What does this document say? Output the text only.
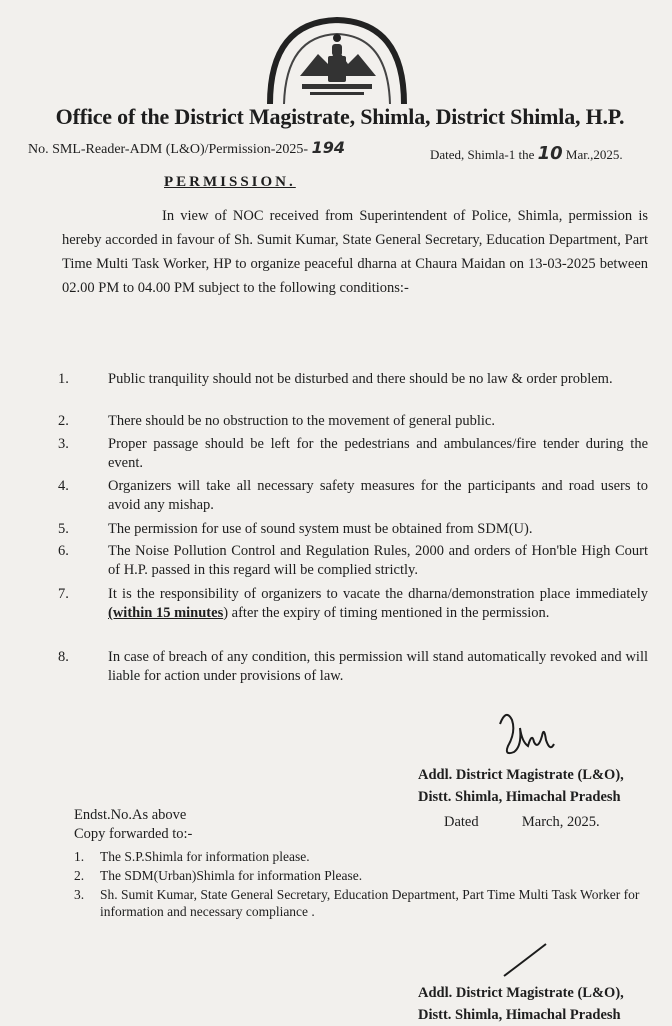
Office of the District Magistrate, Shimla, District Shimla, H.P.
No. SML-Reader-ADM (L&O)/Permission-2025- 194	Dated, Shimla-1 the 10 Mar.,2025.
PERMISSION.
In view of NOC received from Superintendent of Police, Shimla, permission is hereby accorded in favour of Sh. Sumit Kumar, State General Secretary, Education Department, Part Time Multi Task Worker, HP to organize peaceful dharna at Chaura Maidan on 13-03-2025 between 02.00 PM to 04.00 PM subject to the following conditions:-
1.	Public tranquility should not be disturbed and there should be no law & order problem.
2.	There should be no obstruction to the movement of general public.
3.	Proper passage should be left for the pedestrians and ambulances/fire tender during the event.
4.	Organizers will take all necessary safety measures for the participants and road users to avoid any mishap.
5.	The permission for use of sound system must be obtained from SDM(U).
6.	The Noise Pollution Control and Regulation Rules, 2000 and orders of Hon'ble High Court of H.P. passed in this regard will be complied strictly.
7.	It is the responsibility of organizers to vacate the dharna/demonstration place immediately (within 15 minutes) after the expiry of timing mentioned in the permission.
8.	In case of breach of any condition, this permission will stand automatically revoked and will liable for action under provisions of law.
Addl. District Magistrate (L&O),
Distt. Shimla, Himachal Pradesh
Endst.No.As above
Copy forwarded to:-
Dated	March, 2025.
1. The S.P.Shimla for information please.
2. The SDM(Urban)Shimla for information Please.
3. Sh. Sumit Kumar, State General Secretary, Education Department, Part Time Multi Task Worker for information and necessary compliance .
Addl. District Magistrate (L&O),
Distt. Shimla, Himachal Pradesh
